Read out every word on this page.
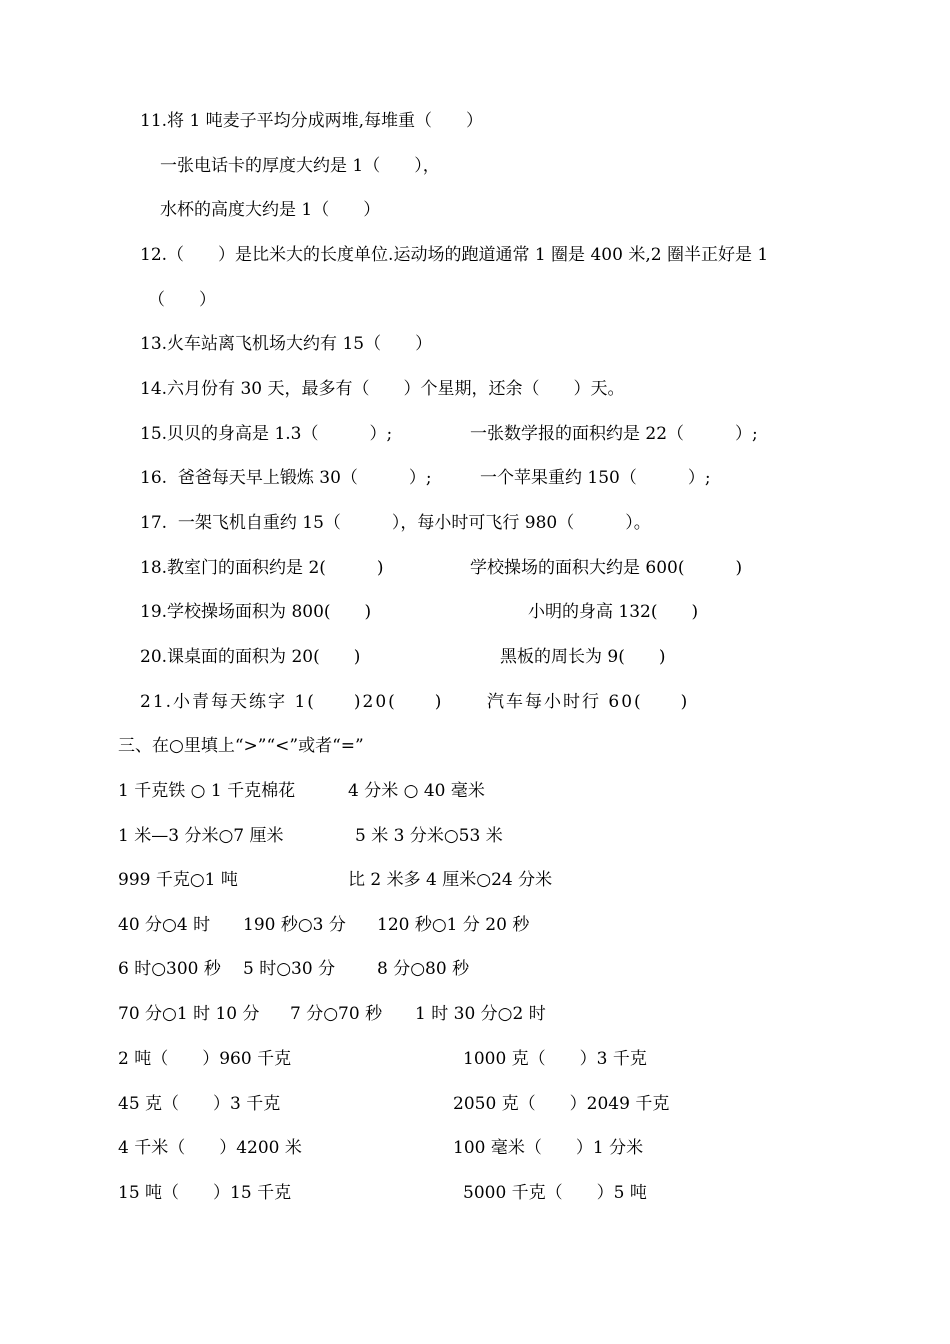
11.将 1 吨麦子平均分成两堆,每堆重（　　）
一张电话卡的厚度大约是 1（　　），
水杯的高度大约是 1（　　）
12.（　　）是比米大的长度单位.运动场的跑道通常 1 圈是 400 米,2 圈半正好是 1
（　　）
13.火车站离飞机场大约有 15（　　）
14.六月份有 30 天，最多有（　　）个星期，还余（　　）天。
15.贝贝的身高是 1.3（　　　）;	一张数学报的面积约是 22（　　　）;
16.  爸爸每天早上锻炼 30（　　　）;	一个苹果重约 150（　　　）;
17.  一架飞机自重约 15（　　　），每小时可飞行 980（　　　）。
18.教室门的面积约是 2(　　　)	学校操场的面积大约是 600(　　　)
19.学校操场面积为 800(　　)	小明的身高 132(　　)
20.课桌面的面积为 20(　　)	黑板的周长为 9(　　)
21.小青每天练字 1(　　)20(　　)	汽车每小时行 60(　　)
三、在○里填上“>”“<”或者“=”
1 千克铁 ○ 1 千克棉花	4 分米 ○ 40 毫米
1 米—3 分米○7 厘米	5 米 3 分米○53 米
999 千克○1 吨	比 2 米多 4 厘米○24 分米
40 分○4 时 190 秒○3 分 120 秒○1 分 20 秒
6 时○300 秒 5 时○30 分 8 分○80 秒
70 分○1 时 10 分 7 分○70 秒 1 时 30 分○2 时
2 吨（　　）960 千克	1000 克（　　）3 千克
45 克（　　）3 千克	2050 克（　　）2049 千克
4 千米（　　）4200 米	100 毫米（　　）1 分米
15 吨（　　）15 千克	5000 千克（　　）5 吨
